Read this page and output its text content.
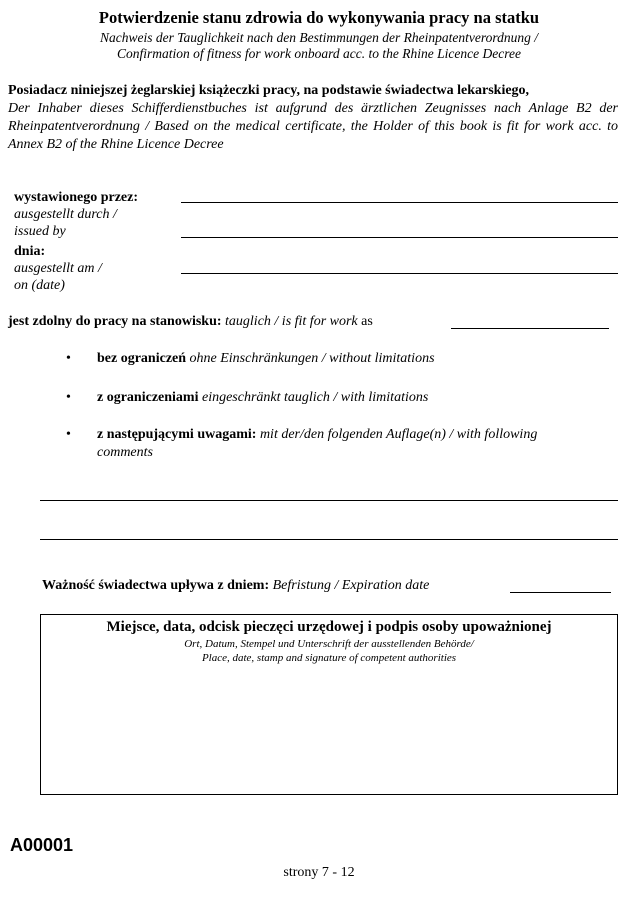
Potwierdzenie stanu zdrowia do wykonywania pracy na statku
Nachweis der Tauglichkeit nach den Bestimmungen der Rheinpatentverordnung /
Confirmation of fitness for work onboard acc. to the Rhine Licence Decree
Posiadacz niniejszej żeglarskiej książeczki pracy, na podstawie świadectwa lekarskiego,
Der Inhaber dieses Schifferdienstbuches ist aufgrund des ärztlichen Zeugnisses nach Anlage B2 der Rheinpatentverordnung / Based on the medical certificate, the Holder of this book is fit for work acc. to Annex B2 of the Rhine Licence Decree
wystawionego przez:
ausgestellt durch /
issued by
dnia:
ausgestellt am /
on (date)
jest zdolny do pracy na stanowisku: tauglich / is fit for work as
• bez ograniczeń ohne Einschränkungen / without limitations
• z ograniczeniami eingeschränkt tauglich / with limitations
• z następującymi uwagami: mit der/den folgenden Auflage(n) / with following comments
Ważność świadectwa upływa z dniem: Befristung / Expiration date
Miejsce, data, odcisk pieczęci urzędowej i podpis osoby upoważnionej
Ort, Datum, Stempel und Unterschrift der ausstellenden Behörde/
Place, date, stamp and signature of competent authorities
A00001
strony 7 - 12
